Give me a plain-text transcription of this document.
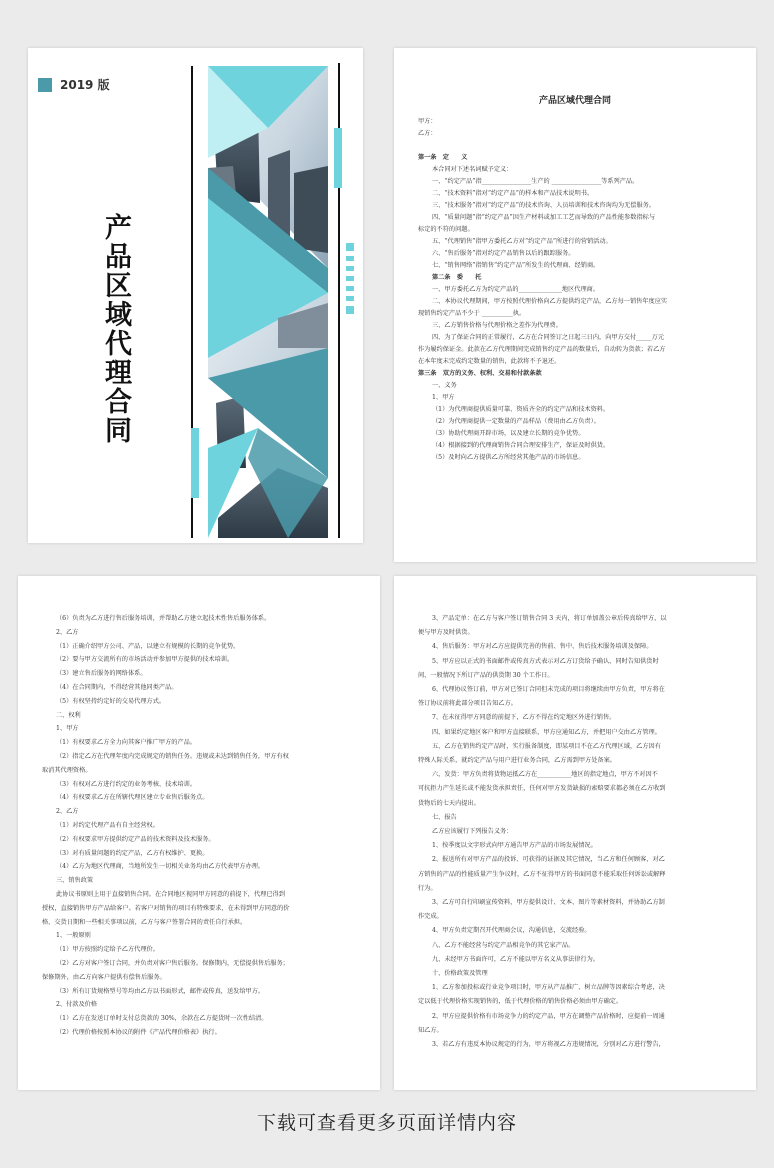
2019 版
产品区域代理合同
产品区域代理合同

甲方：

乙方：

第一条　定　　义

本合同对下述名词赋予定义：

一、“约定产品”指________________生产的 ________________等系列产品。

二、“技术资料”指对“约定产品”的样本和产品技术说明书。

三、“技术服务”指对“约定产品”的技术咨询、人员培训和技术咨询均为无偿服务。

四、“质量问题”指“约定产品”因生产材料或加工工艺而导致的产品性能参数指标与

标定的不符的问题。

五、“代理销售”指甲方委托乙方对“约定产品”所进行的营销活动。

六、“售后服务”指对约定产品销售以后的跟踪服务。

七、“销售网络”指销售“约定产品”所发生的代理商、经销商。

第二条　委　　托

一、甲方委托乙方为约定产品的______________地区代理商。

二、本协议代理期间，甲方按照代理价格向乙方提供约定产品，乙方每一销售年度应实

现销售约定产品不少于 __________执。

三、乙方销售价格与代理价格之差作为代理费。

四、为了保证合同的正常履行，乙方在合同签订之日起三日内，向甲方交付_____万元

作为履约保证金。此款在乙方代理期间完成销售约定产品的数量后，自动转为货款；若乙方

在本年度未完成约定数量的销售，此款将不予退还。

第三条　双方的义务、权利、交易和付款条款

一、义务

1、甲方

（1）为代理商提供质量可靠、资质齐全的约定产品和技术资料。

（2）为代理商提供一定数量的产品样品（费用由乙方负责）。

（3）协助代理商开辟市场，以及建立长期的竞争优势。

（4）根据接到的代理商销售合同合理安排生产，保证及时供货。

（5）及时向乙方提供乙方所经营其他产品的市场信息。

（6）负责为乙方进行售后服务培训，并帮助乙方建立起技术性售后服务体系。

2、乙方

（1）正确介绍甲方公司、产品，以建立有规模的长期的竞争优势。

（2）要与甲方交流所有的市场活动并参加甲方提供的技术培训。

（3）建立售后服务的网络体系。

（4）在合同期内，不得经营其他同类产品。

（5）有权坚持约定好的交易代理方式。

二、权利

1、甲方

（1）有权要求乙方全力向其客户推广甲方的产品。

（2）指定乙方在代理年度内完成规定的销售任务。违规或未达到销售任务，甲方有权

取消其代理资格。

（3）有权对乙方进行约定的业务考核、技术培训。

（4）有权要求乙方在所辖代理区建立专业售后服务点。

2、乙方

（1）对约定代理产品有自主经营权。

（2）有权要求甲方提供约定产品的技术资料及技术服务。

（3）对有质量问题的约定产品，乙方有权维护、更换。

（4）乙方为地区代理商，当地所发生一切相关业务均由乙方代表甲方办理。

三、销售政策

此协议书原则上用于直接销售合同。在合同地区视同甲方同意的前提下，代理已得到

授权，直接销售甲方产品给客户。若客户对销售的项目有特殊要求，在未得到甲方同意的价

格、交货日期和一些相关事项以前，乙方与客户签署合同的责任自行承担。

1、一般原则

（1）甲方按照约定给予乙方代理价。

（2）乙方对客户签订合同，并负责对客户售后服务。保修期内，无偿提供售后服务；

保修期外，由乙方向客户提供有偿售后服务。

（3）所有订货规格型号等均由乙方以书面形式，邮件或传真，送发给甲方。

2、付款及价格

（1）乙方在发送订单时支付总货款的 30%，余款在乙方提货时一次性结清。

（2）代理价格按照本协议的附件《产品代理价格表》执行。

3、产品定单：在乙方与客户签订销售合同 3 天内，将订单加盖公章后传真给甲方，以

便与甲方及时供货。

4、售后服务：甲方对乙方应提供完善的售前、售中、售后技术服务培训及保障。

5、甲方应以正式的书面邮件或传真方式表示对乙方订货给予确认，同时告知供货时

间，一般情况下所订产品的供货期 30 个工作日。

6、代理协议签订前，甲方对已签订合同但未完成的项目将继续由甲方负责，甲方将在

签订协议前将此部分项目告知乙方。

7、在未征得甲方同意的前提下，乙方不得在约定地区外进行销售。

四、如果约定地区客户和甲方直接联系，甲方应通知乙方，并把用户交由乙方管理。

五、乙方在销售约定产品时，实行报备制度，即某项目不在乙方代理区域，乙方因有

特殊人际关系，就约定产品与用户进行业务合同，乙方需到甲方处备案。

六，发货：甲方负责将货物运抵乙方在___________地区的指定地点，甲方不对因不

可抗拒力产生延长或不能发货承担责任，任何对甲方发货缺损的索赔要求都必须在乙方收到

货物后的七天内提出。

七、报告

乙方应该履行下列报告义务：

1、按季度以文字形式向甲方通告甲方产品的市场发展情况。

2、报送所有对甲方产品的投诉、可获得的证据及其它情况，当乙方和任何顾客，对乙

方销售的产品的性能质量产生争议时，乙方不征得甲方的书面同意不能采取任何诉讼或解释

行为。

3、乙方可自行印刷宣传资料，甲方提供设计、文本、图片等素材资料，并协助乙方制

作完成。

4、甲方负责定期召开代理商会议，沟通信息，交流经验。

八、乙方不能经营与约定产品相竞争的其它家产品。

九、未经甲方书面许可，乙方不能以甲方名义从事法律行为。

十、价格政策及管理

1、乙方参加投标或行业竞争项目时，甲方从产品推广、树立品牌等因素综合考虑，决

定以低于代理价格实现销售的，低于代理价格的销售价格必须由甲方确定。

2、甲方应提供价格有市场竞争力的约定产品，甲方在调整产品价格时，应提前一周通

知乙方。

3、若乙方有违反本协议规定的行为，甲方将视乙方违规情况，分别对乙方进行警告，

下载可查看更多页面详情内容
